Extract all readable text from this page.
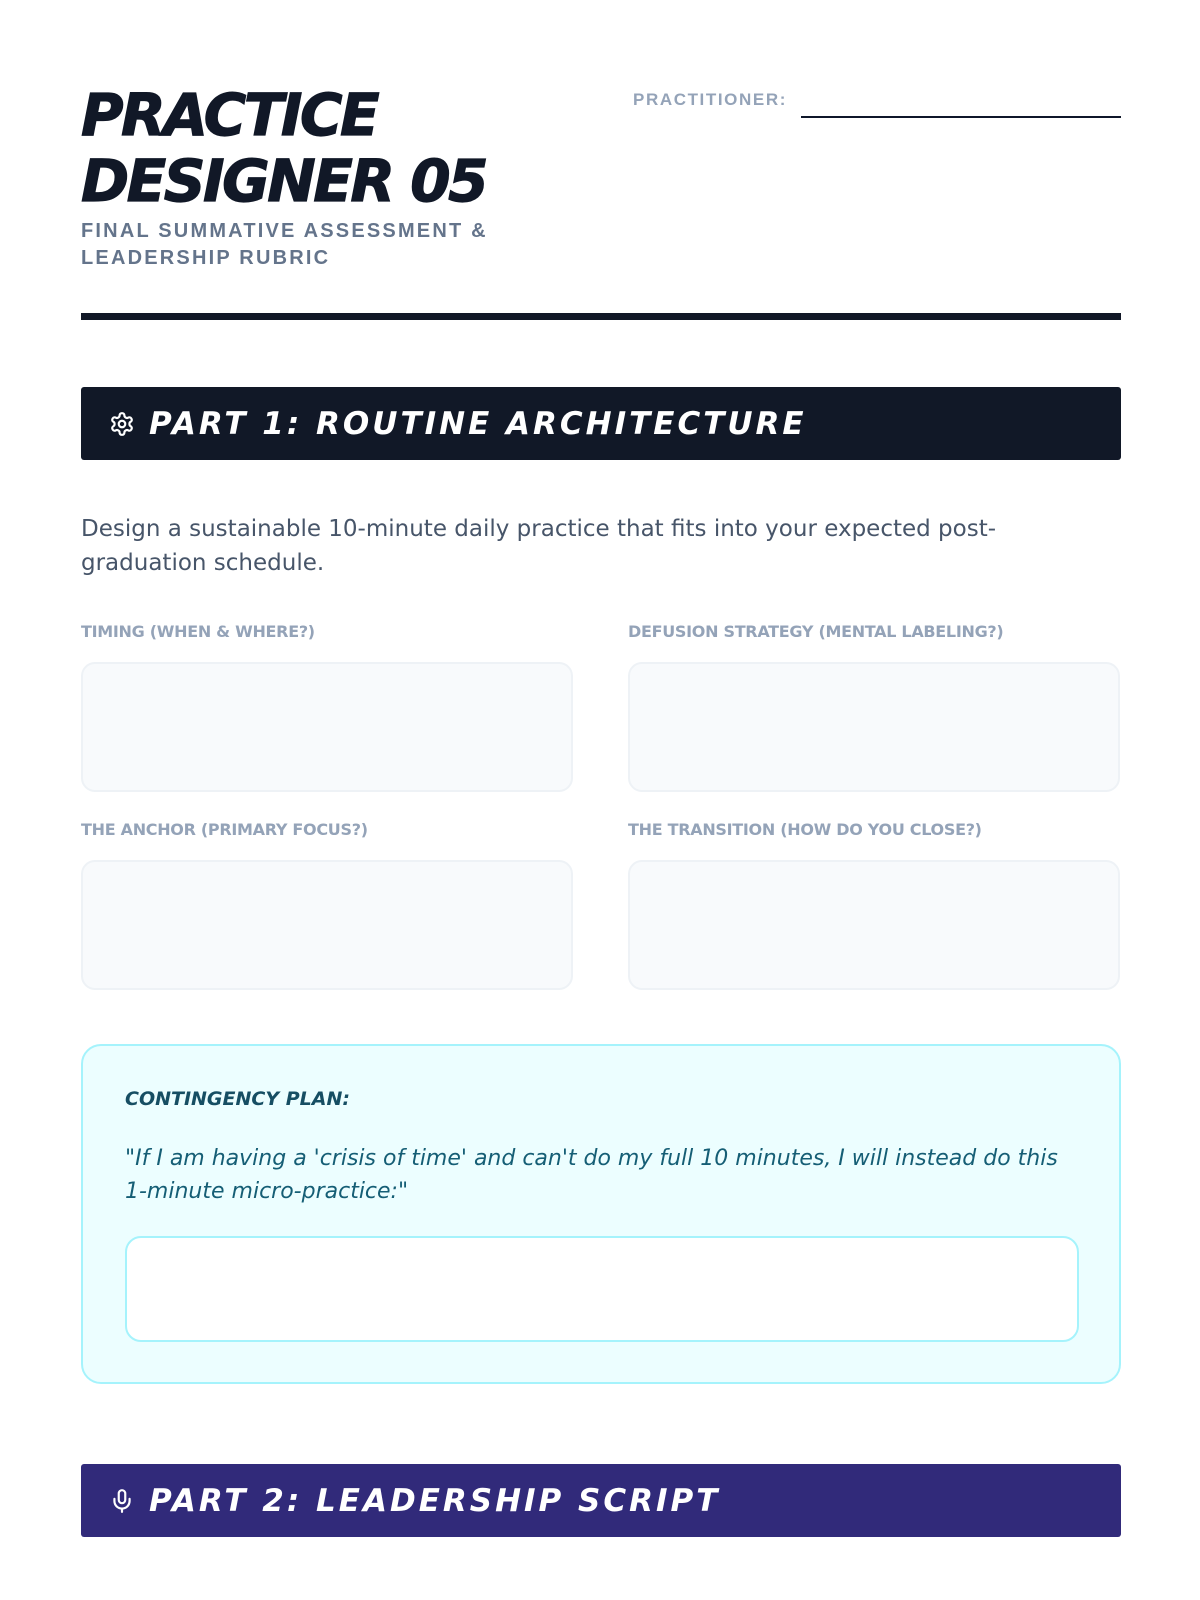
PRACTICE DESIGNER 05
FINAL SUMMATIVE ASSESSMENT & LEADERSHIP RUBRIC
PRACTITIONER:
PART 1: ROUTINE ARCHITECTURE

Design a sustainable 10-minute daily practice that fits into your expected post-graduation schedule.

TIMING (WHEN & WHERE?)	DEFUSION STRATEGY (MENTAL LABELING?)
THE ANCHOR (PRIMARY FOCUS?)	THE TRANSITION (HOW DO YOU CLOSE?)
CONTINGENCY PLAN:
"If I am having a 'crisis of time' and can't do my full 10 minutes, I will instead do this 1-minute micro-practice:"
PART 2: LEADERSHIP SCRIPT
